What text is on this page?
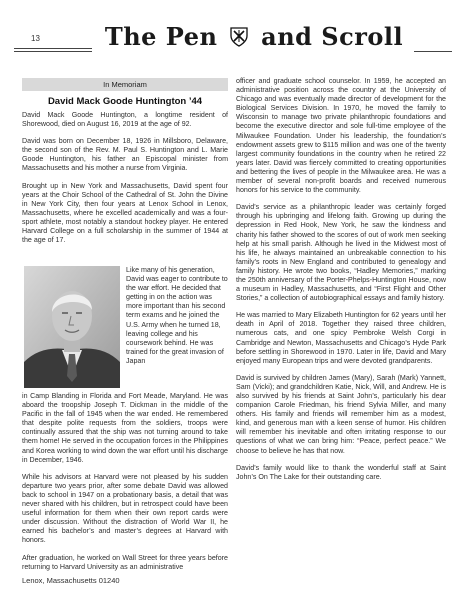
13	The Pen and Scroll
In Memoriam
David Mack Goode Huntington ’44

David Mack Goode Huntington, a longtime resident of Shorewood, died on August 16, 2019 at the age of 92.

David was born on December 18, 1926 in Millsboro, Delaware, the second son of the Rev. M. Paul S. Huntington and L. Marie Goode Huntington, his father an Episcopal minister from Massachusetts and his mother a nurse from Virginia.

Brought up in New York and Massachusetts, David spent four years at the Choir School of the Cathedral of St. John the Divine in New York City, then four years at Lenox School in Lenox, Massachusetts, where he excelled academically and was a four-sport athlete, most notably a standout hockey player. He entered Harvard College on a full scholarship in the summer of 1944 at the age of 17.

Like many of his generation, David was eager to contribute to the war effort. He decided that getting in on the action was more important than his second term exams and he joined the U.S. Army when he turned 18, leaving college and his coursework behind. He was trained for the great invasion of Japan

in Camp Blanding in Florida and Fort Meade, Maryland. He was aboard the troopship Joseph T. Dickman in the middle of the Pacific in the fall of 1945 when the war ended. He remembered that despite polite requests from the soldiers, troops were continually assured that the ship was not turning around to take them home! He served in the occupation forces in the Philippines and Korea working to wind down the war effort until his discharge in December, 1946.

While his advisors at Harvard were not pleased by his sudden departure two years prior, after some debate David was allowed back to school in 1947 on a probationary basis, a detail that was never shared with his children, but in retrospect could have been useful information for them when their own report cards were under discussion. Without the distraction of World War II, he earned his bachelor’s and master’s degrees at Harvard with honors.

After graduation, he worked on Wall Street for three years before returning to Harvard University as an administrative

officer and graduate school counselor. In 1959, he accepted an administrative position across the country at the University of Chicago and was eventually made director of development for the Biological Services Division. In 1970, he moved the family to Wisconsin to manage two private philanthropic foundations and become the executive director and sole full-time employee of the Milwaukee Foundation. Under his leadership, the foundation’s endowment assets grew to $115 million and was one of the twenty largest community foundations in the country when he retired 22 years later. David was fiercely committed to creating opportunities and bettering the lives of people in the Milwaukee area. He was a member of several non-profit boards and received numerous honors for his service to the community.

David’s service as a philanthropic leader was certainly forged through his upbringing and lifelong faith. Growing up during the depression in Red Hook, New York, he saw the kindness and charity his father showed to the scores of out of work men seeking help at his small parish. Although he lived in the Midwest most of his life, he always maintained an unbreakable connection to his family’s roots in New England and contributed to genealogy and family history. He wrote two books, “Hadley Memories,” marking the 250th anniversary of the Porter-Phelps-Huntington House, now a museum in Hadley, Massachusetts, and “First Flight and Other Stories,” a collection of autobiographical essays and family history.

He was married to Mary Elizabeth Huntington for 62 years until her death in April of 2018. Together they raised three children, numerous cats, and one spicy Pembroke Welsh Corgi in Cambridge and Newton, Massachusetts and Chicago’s Hyde Park before settling in Shorewood in 1970. Later in life, David and Mary enjoyed many European trips and were devoted grandparents.

David is survived by children James (Mary), Sarah (Mark) Yannett, Sam (Vicki); and grandchildren Katie, Nick, Will, and Andrew. He is also survived by his friends at Saint John’s, particularly his dear companion Carole Friedman, his friend Sylvia Miller, and many others. His family and friends will remember him as a modest, kind, and generous man with a keen sense of humor. His children will remember his inevitable and often irritating response to our questions of what we can bring him: “Peace, perfect peace.” We choose to believe he has that now.

David’s family would like to thank the wonderful staff at Saint John’s On The Lake for their outstanding care.

Lenox, Massachusetts 01240
